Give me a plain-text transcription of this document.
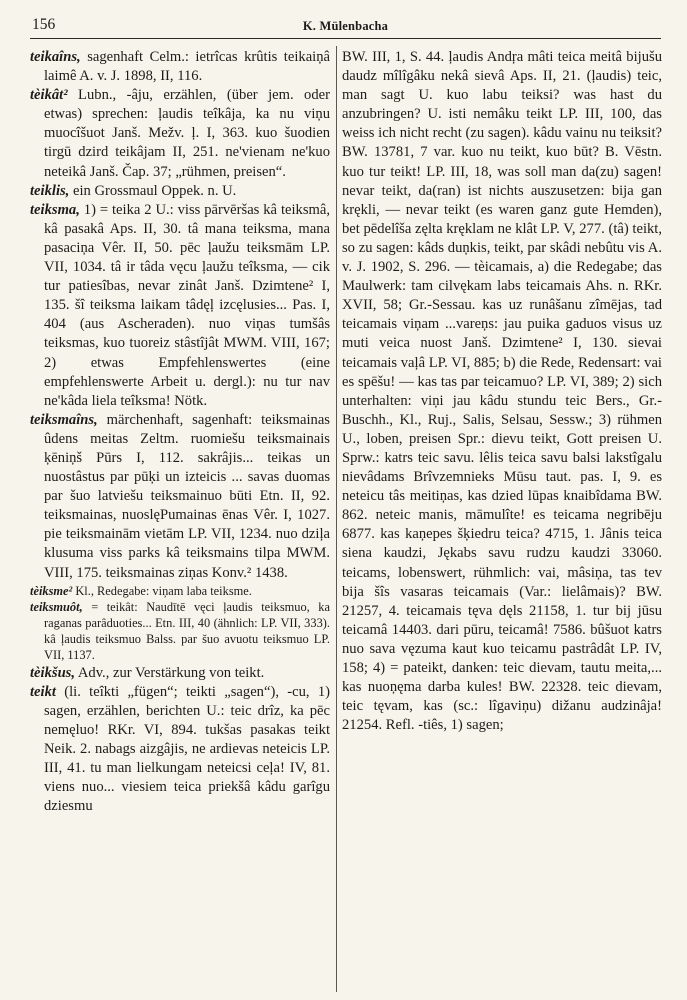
156	K. Mülenbacha

teikaîns, sagenhaft Celm.: ietrîcas krûtis teikaiņâ laimê A. v. J. 1898, II, 116.

tèikât² Lubn., -âju, erzählen, (über jem. oder etwas) sprechen: ļaudis teîkâja, ka nu viņu muocîšuot Janš. Mežv. ļ. I, 363. kuo šuodien tirgū dzird teikâjam II, 251. ne'vienam ne'kuo neteikâ Janš. Čap. 37; „rühmen, preisen“.

teiklis, ein Grossmaul Oppek. n. U.

teiksma, 1) = teika 2 U.: viss pārvēršas kâ teiksmâ, kâ pasakâ Aps. II, 30. tâ mana teiksma, mana pasaciņa Vêr. II, 50. pēc ļaužu teiksmām LP. VII, 1034. tâ ir tâda vęcu ļaužu teîksma, — cik tur patiesîbas, nevar zinât Janš. Dzimtene² I, 135. šî teiksma laikam tâdęļ izcęlusies... Pas. I, 404 (aus Ascheraden). nuo viņas tumšâs teiksmas, kuo tuoreiz stâstîjât MWM. VIII, 167; 2) etwas Empfehlenswertes (eine empfehlenswerte Arbeit u. dergl.): nu tur nav ne'kâda liela teîksma! Nötk.

teiksmaîns, märchenhaft, sagenhaft: teiksmainas ûdens meitas Zeltm. ruomiešu teiksmainais ķēniņš Pūrs I, 112. sakrâjis... teikas un nuostâstus par pūķi un izteicis ... savas duomas par šuo latviešu teiksmainuo būti Etn. II, 92. teiksmainas, nuoslęPumainas ēnas Vêr. I, 1027. pie teiksmainām vietām LP. VII, 1234. nuo dziļa klusuma viss parks kâ teiksmains tilpa MWM. VIII, 175. teiksmainas ziņas Konv.² 1438.

tèiksme² Kl., Redegabe: viņam laba teiksme.

teiksmuôt, = teikât: Naudītē vęci ļaudis teiksmuo, ka raganas parâduoties... Etn. III, 40 (ähnlich: LP. VII, 333). kâ ļaudis teiksmuo Balss. par šuo avuotu teiksmuo LP. VII, 1137.

tèikšus, Adv., zur Verstärkung von teikt.

teikt (li. teîkti „fügen“; teikti „sagen“), -cu, 1) sagen, erzählen, berichten U.: teic drîz, ka pēc nemęluo! RKr. VI, 894. tukšas pasakas teikt Neik. 2. nabags aizgâjis, ne ardievas neteicis LP. III, 41. tu man lielkungam neteicsi ceļa! IV, 81. viens nuo... viesiem teica priekšâ kâdu garîgu dziesmu

BW. III, 1, S. 44. ļaudis Andŗa mâti teica meitâ bijušu daudz mîlîgâku nekâ sievâ Aps. II, 21. (ļaudis) teic, man sagt U. kuo labu teiksi? was hast du anzubringen? U. isti nemâku teikt LP. III, 100, das weiss ich nicht recht (zu sagen). kâdu vainu nu teiksit? BW. 13781, 7 var. kuo nu teikt, kuo būt? B. Vēstn. kuo tur teikt! LP. III, 18, was soll man da(zu) sagen! nevar teikt, da(ran) ist nichts auszusetzen: bija gan krękli, — nevar teikt (es waren ganz gute Hemden), bet pēdelîša zęlta kręklam ne klât LP. V, 277. (tâ) teikt, so zu sagen: kâds duņkis, teikt, par skâdi nebûtu vis A. v. J. 1902, S. 296. — tèicamais, a) die Redegabe; das Maulwerk: tam cilvękam labs teicamais Ahs. n. RKr. XVII, 58; Gr.-Sessau. kas uz runâšanu zîmējas, tad teicamais viņam ...vareņs: jau puika gaduos visus uz muti veica nuost Janš. Dzimtene² I, 130. sievai teicamais vaļâ LP. VI, 885; b) die Rede, Redensart: vai es spēšu! — kas tas par teicamuo? LP. VI, 389; 2) sich unterhalten: viņi jau kâdu stundu teic Bers., Gr.-Buschh., Kl., Ruj., Salis, Selsau, Sessw.; 3) rühmen U., loben, preisen Spr.: dievu teikt, Gott preisen U. Sprw.: katrs teic savu. lêlis teica savu balsi lakstîgalu nievâdams Brîvzemnieks Mūsu taut. pas. I, 9. es neteicu tâs meitiņas, kas dzied lūpas knaibîdama BW. 862. neteic manis, māmulîte! es teicama negribēju 6877. kas kaņepes šķiedru teica? 4715, 1. Jânis teica siena kaudzi, Jękabs savu rudzu kaudzi 33060. teicams, lobenswert, rühmlich: vai, mâsiņa, tas tev bija šîs vasaras teicamais (Var.: lielâmais)? BW. 21257, 4. teicamais tęva dęls 21158, 1. tur bij jūsu teicamâ 14403. dari pūru, teicamâ! 7586. bûšuot katrs nuo sava vęzuma kaut kuo teicamu pastrâdât LP. IV, 158; 4) = pateikt, danken: teic dievam, tautu meita,... kas nuoņęma darba kules! BW. 22328. teic dievam, teic tęvam, kas (sc.: lîgaviņu) dižanu audzinâja! 21254. Refl. -tiês, 1) sagen;
